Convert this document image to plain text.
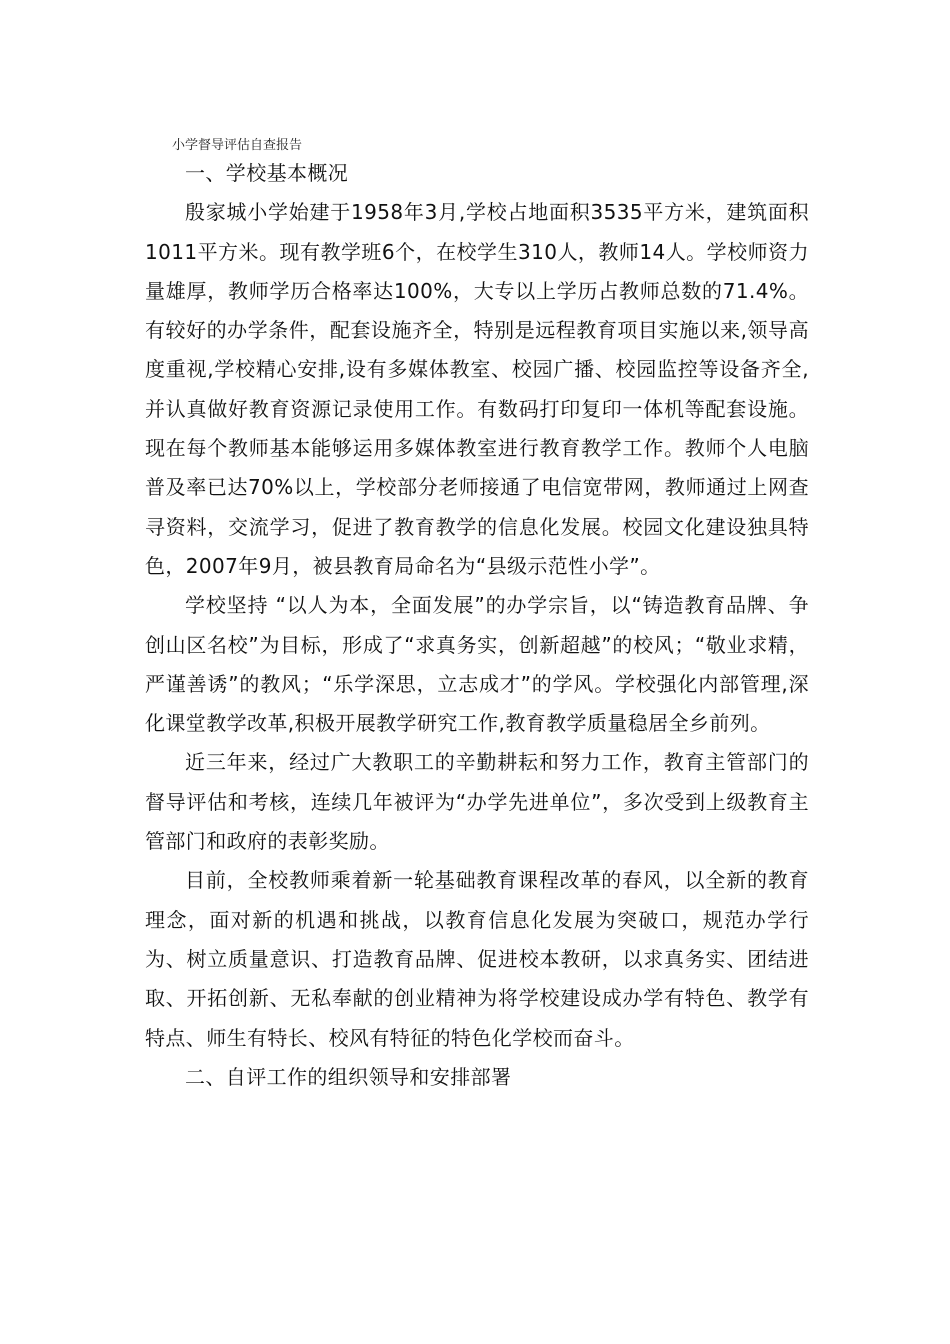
小学督导评估自查报告

一、学校基本概况

殷家城小学始建于1958年3月,学校占地面积3535平方米，建筑面积1011平方米。现有教学班6个，在校学生310人，教师14人。学校师资力量雄厚，教师学历合格率达100%，大专以上学历占教师总数的71.4%。有较好的办学条件，配套设施齐全，特别是远程教育项目实施以来,领导高度重视,学校精心安排,设有多媒体教室、校园广播、校园监控等设备齐全,并认真做好教育资源记录使用工作。有数码打印复印一体机等配套设施。现在每个教师基本能够运用多媒体教室进行教育教学工作。教师个人电脑普及率已达70%以上，学校部分老师接通了电信宽带网，教师通过上网查寻资料，交流学习，促进了教育教学的信息化发展。校园文化建设独具特色，2007年9月，被县教育局命名为“县级示范性小学”。

学校坚持 “以人为本，全面发展”的办学宗旨，以“铸造教育品牌、争创山区名校”为目标，形成了“求真务实，创新超越”的校风；“敬业求精，严谨善诱”的教风；“乐学深思，立志成才”的学风。学校强化内部管理,深化课堂教学改革,积极开展教学研究工作,教育教学质量稳居全乡前列。

近三年来，经过广大教职工的辛勤耕耘和努力工作，教育主管部门的督导评估和考核，连续几年被评为“办学先进单位”，多次受到上级教育主管部门和政府的表彰奖励。

目前，全校教师乘着新一轮基础教育课程改革的春风，以全新的教育理念，面对新的机遇和挑战，以教育信息化发展为突破口，规范办学行为、树立质量意识、打造教育品牌、促进校本教研，以求真务实、团结进取、开拓创新、无私奉献的创业精神为将学校建设成办学有特色、教学有特点、师生有特长、校风有特征的特色化学校而奋斗。

二、自评工作的组织领导和安排部署
